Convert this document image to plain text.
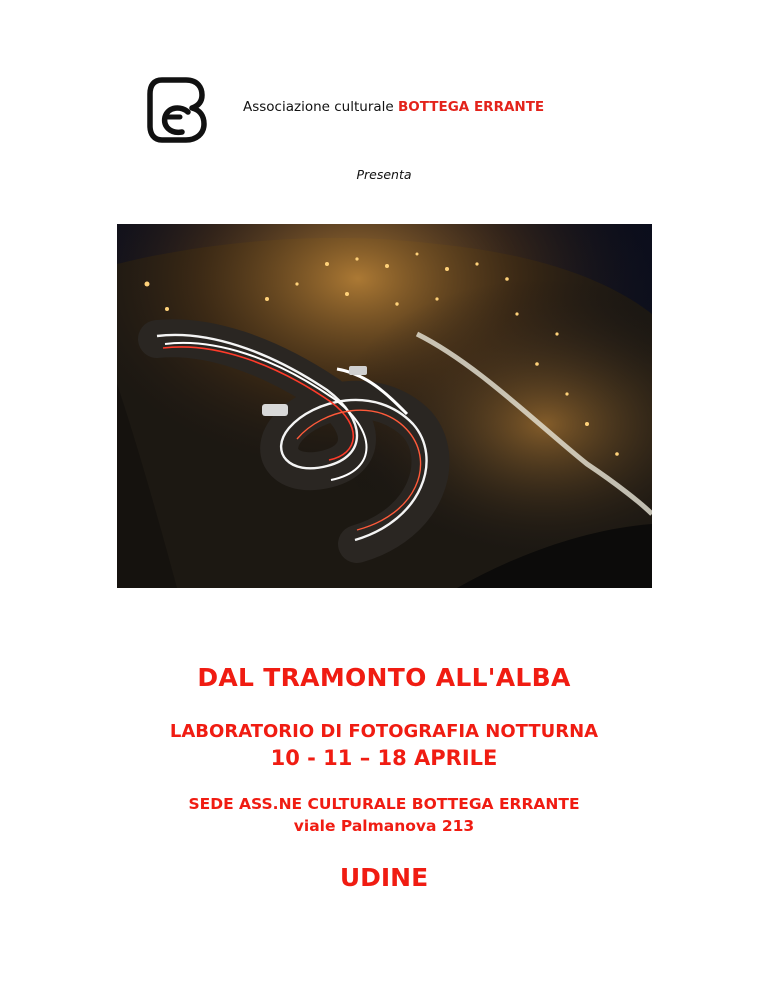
Associazione culturale BOTTEGA ERRANTE
Presenta
DAL TRAMONTO ALL'ALBA
LABORATORIO DI FOTOGRAFIA NOTTURNA
10 - 11 – 18 APRILE
SEDE ASS.NE CULTURALE BOTTEGA ERRANTE
viale Palmanova 213
UDINE
